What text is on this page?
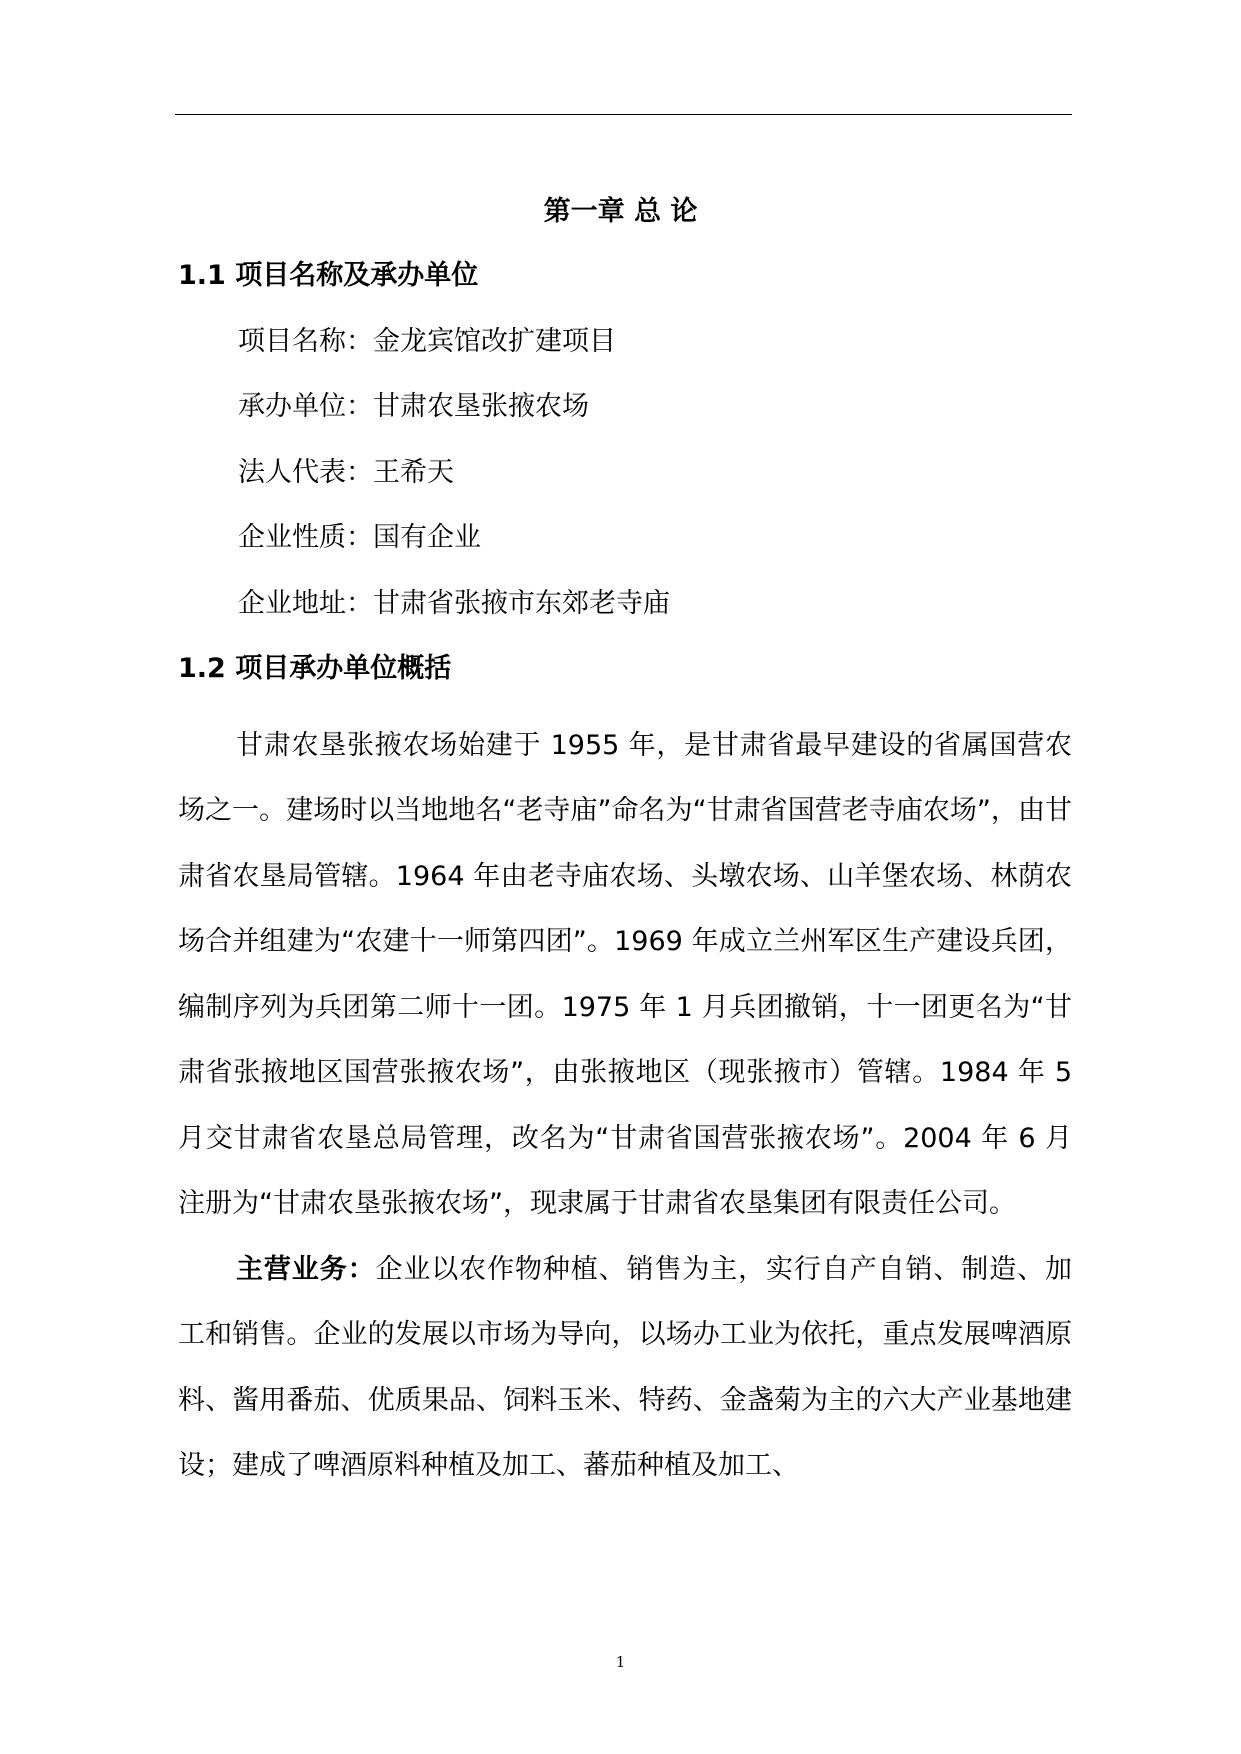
第一章 总 论
1.1 项目名称及承办单位
项目名称：金龙宾馆改扩建项目
承办单位：甘肃农垦张掖农场
法人代表：王希天
企业性质：国有企业
企业地址：甘肃省张掖市东郊老寺庙
1.2 项目承办单位概括

甘肃农垦张掖农场始建于 1955 年，是甘肃省最早建设的省属国营农场之一。建场时以当地地名“老寺庙”命名为“甘肃省国营老寺庙农场”，由甘肃省农垦局管辖。1964 年由老寺庙农场、头墩农场、山羊堡农场、林荫农场合并组建为“农建十一师第四团”。1969 年成立兰州军区生产建设兵团，编制序列为兵团第二师十一团。1975 年 1 月兵团撤销，十一团更名为“甘肃省张掖地区国营张掖农场”，由张掖地区（现张掖市）管辖。1984 年 5 月交甘肃省农垦总局管理，改名为“甘肃省国营张掖农场”。2004 年 6 月注册为“甘肃农垦张掖农场”，现隶属于甘肃省农垦集团有限责任公司。

主营业务：企业以农作物种植、销售为主，实行自产自销、制造、加工和销售。企业的发展以市场为导向，以场办工业为依托，重点发展啤酒原料、酱用番茄、优质果品、饲料玉米、特药、金盏菊为主的六大产业基地建设；建成了啤酒原料种植及加工、蕃茄种植及加工、

1
